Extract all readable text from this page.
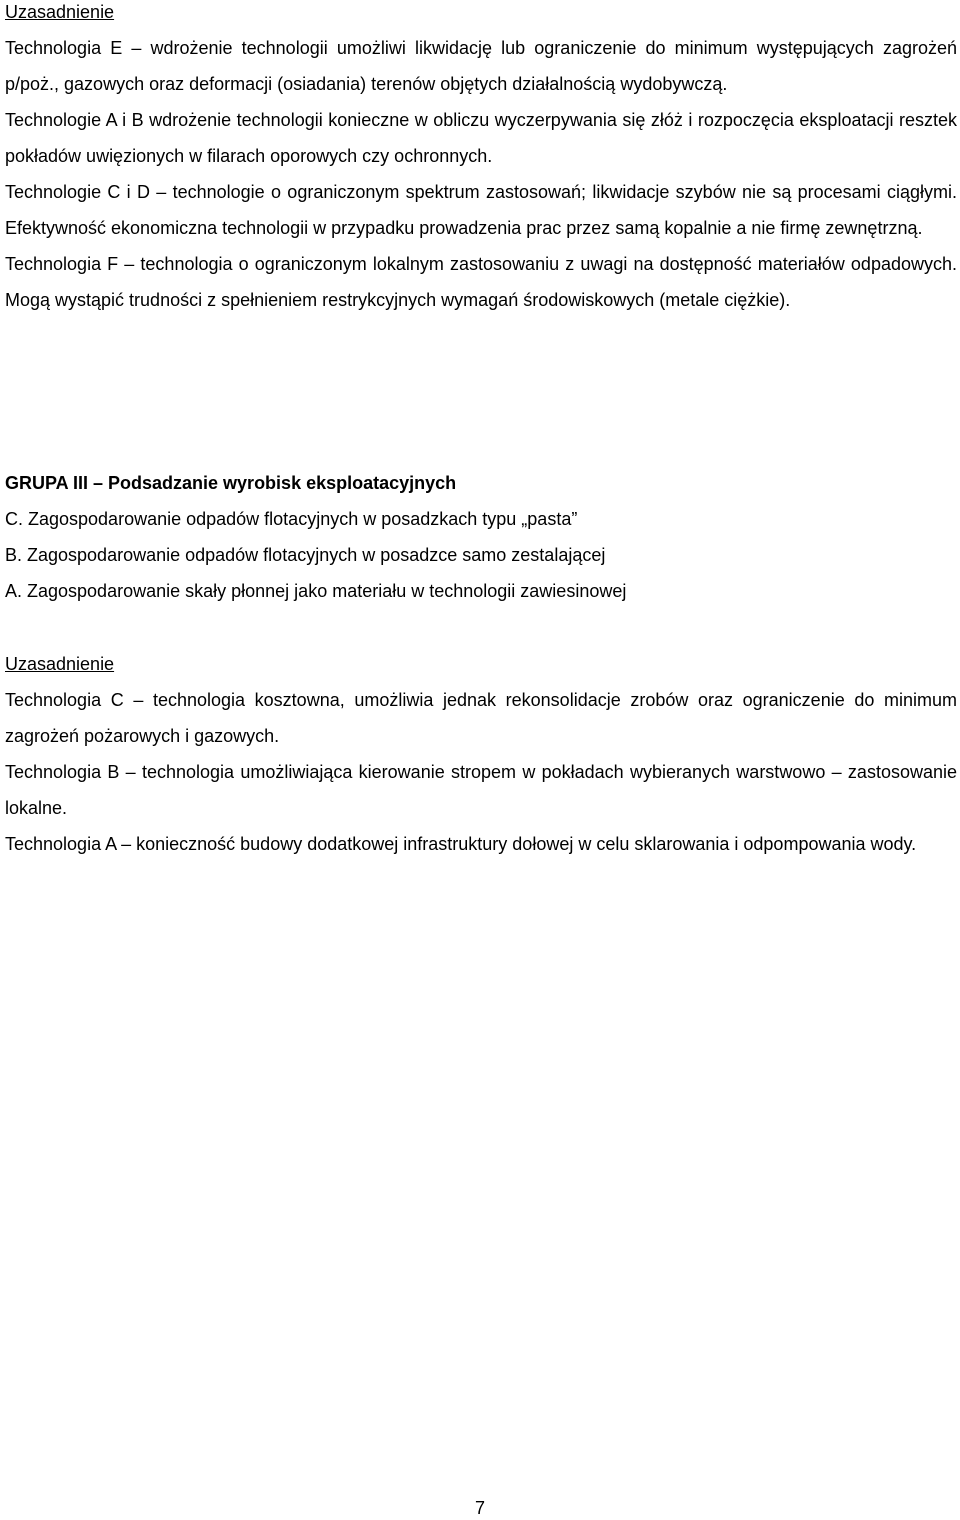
Uzasadnienie

Technologia E – wdrożenie technologii umożliwi likwidację lub ograniczenie do minimum występujących zagrożeń p/poż., gazowych oraz deformacji (osiadania) terenów objętych działalnością wydobywczą.

Technologie A i B wdrożenie technologii konieczne w obliczu wyczerpywania się złóż i rozpoczęcia eksploatacji resztek pokładów uwięzionych w filarach oporowych czy ochronnych.

Technologie C i D – technologie o ograniczonym spektrum zastosowań; likwidacje szybów nie są procesami ciągłymi. Efektywność ekonomiczna technologii w przypadku prowadzenia prac przez samą kopalnie a nie firmę zewnętrzną.

Technologia F – technologia o ograniczonym lokalnym zastosowaniu z uwagi na dostępność materiałów odpadowych. Mogą wystąpić trudności z spełnieniem restrykcyjnych wymagań środowiskowych (metale ciężkie).

GRUPA III – Podsadzanie wyrobisk eksploatacyjnych

C. Zagospodarowanie odpadów flotacyjnych w posadzkach typu „pasta”

B. Zagospodarowanie odpadów flotacyjnych w posadzce samo zestalającej

A. Zagospodarowanie skały płonnej jako materiału w technologii zawiesinowej

Uzasadnienie

Technologia C – technologia kosztowna, umożliwia jednak rekonsolidacje zrobów oraz ograniczenie do minimum zagrożeń pożarowych i gazowych.

Technologia B – technologia umożliwiająca kierowanie stropem w pokładach wybieranych warstwowo – zastosowanie lokalne.

Technologia A – konieczność budowy dodatkowej infrastruktury dołowej w celu sklarowania i odpompowania wody.

7
